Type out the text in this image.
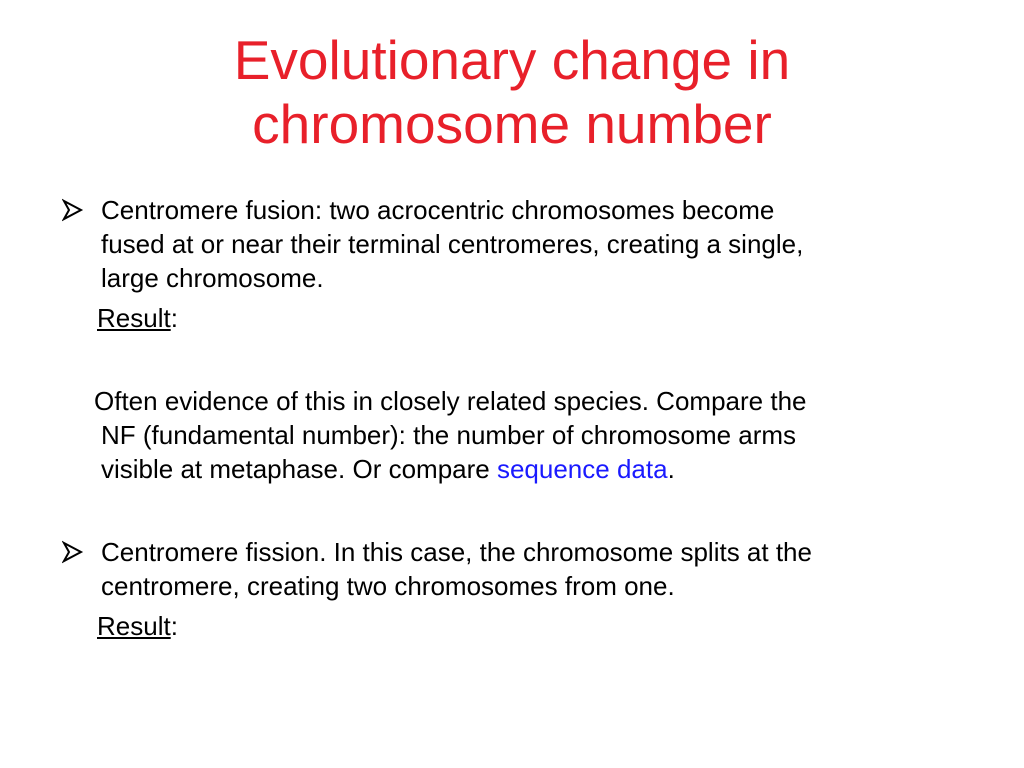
Evolutionary change in
chromosome number

Centromere fusion: two acrocentric chromosomes become
fused at or near their terminal centromeres, creating a single,
large chromosome.

Result:

Often evidence of this in closely related species. Compare the
NF (fundamental number): the number of chromosome arms
visible at metaphase. Or compare sequence data.

Centromere fission. In this case, the chromosome splits at the
centromere, creating two chromosomes from one.

Result:
